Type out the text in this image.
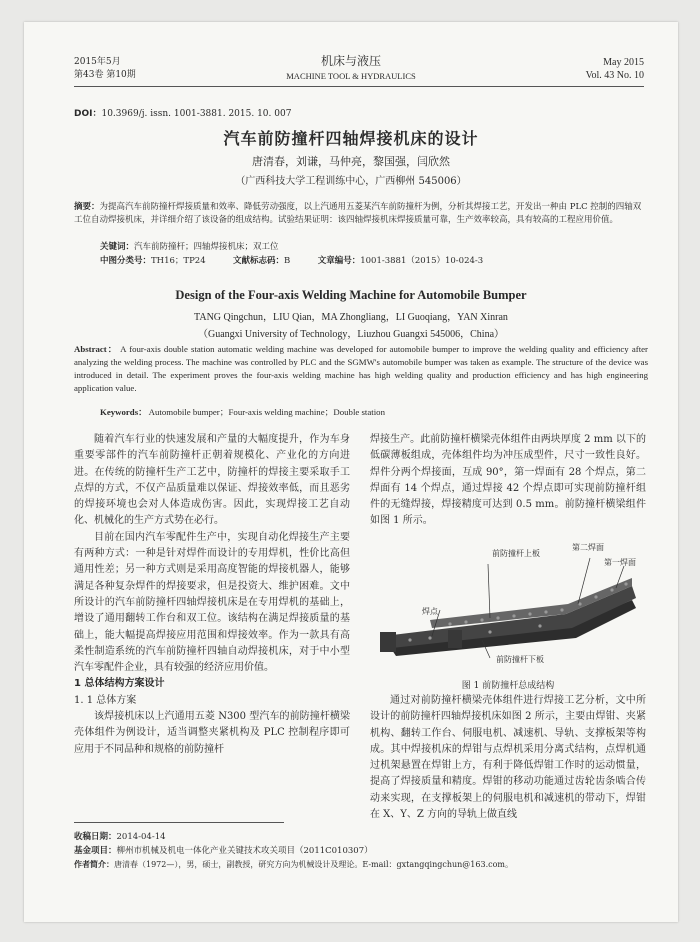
2015年5月
第43卷 第10期
机床与液压
MACHINE TOOL & HYDRAULICS
May 2015
Vol. 43 No. 10
DOI：10.3969/j. issn. 1001-3881. 2015. 10. 007
汽车前防撞杆四轴焊接机床的设计
唐清春，刘谦，马仲亮，黎国强，闫欣然
（广西科技大学工程训练中心，广西柳州 545006）
摘要：为提高汽车前防撞杆焊接质量和效率、降低劳动强度，以上汽通用五菱某汽车前防撞杆为例，分析其焊接工艺，开发出一种由 PLC 控制的四轴双工位自动焊接机床，并详细介绍了该设备的组成结构。试验结果证明：该四轴焊接机床焊接质量可靠，生产效率较高，具有较高的工程应用价值。
关键词：汽车前防撞杆；四轴焊接机床；双工位
中图分类号：TH16；TP24	文献标志码：B	文章编号：1001-3881（2015）10-024-3
Design of the Four-axis Welding Machine for Automobile Bumper
TANG Qingchun，LIU Qian，MA Zhongliang，LI Guoqiang，YAN Xinran
（Guangxi University of Technology，Liuzhou Guangxi 545006，China）
Abstract： A four-axis double station automatic welding machine was developed for automobile bumper to improve the welding quality and efficiency after analyzing the welding process. The machine was controlled by PLC and the SGMW's automobile bumper was taken as example. The structure of the device was introduced in detail. The experiment proves the four-axis welding machine has high welding quality and production efficiency and has high engineering application value.
Keywords： Automobile bumper；Four-axis welding machine；Double station

随着汽车行业的快速发展和产量的大幅度提升，作为车身重要零部件的汽车前防撞杆正朝着规模化、产业化的方向进进。在传统的防撞杆生产工艺中，防撞杆的焊接主要采取手工点焊的方式，不仅产品质量难以保证、焊接效率低，而且恶劣的焊接环境也会对人体造成伤害。因此，实现焊接工艺自动化、机械化的生产方式势在必行。

目前在国内汽车零配件生产中，实现自动化焊接生产主要有两种方式：一种是针对焊件而设计的专用焊机，性价比高但通用性差；另一种方式则是采用高度智能的焊接机器人，能够满足各种复杂焊件的焊接要求，但是投资大、维护困难。文中所设计的汽车前防撞杆四轴焊接机床是在专用焊机的基础上，增设了通用翻转工作台和双工位。该结构在满足焊接质量的基础上，能大幅提高焊接应用范围和焊接效率。作为一款具有高柔性制造系统的汽车前防撞杆四轴自动焊接机床，对于中小型汽车零配件企业，具有较强的经济应用价值。

1 总体结构方案设计
1. 1 总体方案

该焊接机床以上汽通用五菱 N300 型汽车的前防撞杆横梁壳体组件为例设计，适当调整夹紧机构及 PLC 控制程序即可应用于不同品种和规格的前防撞杆

焊接生产。此前防撞杆横梁壳体组件由两块厚度 2 mm 以下的低碳薄板组成，壳体组件均为冲压成型件，尺寸一致性良好。焊件分两个焊接面，互成 90°，第一焊面有 28 个焊点，第二焊面有 14 个焊点，通过焊接 42 个焊点即可实现前防撞杆组件的无缝焊接，焊接精度可达到 0.5 mm。前防撞杆横梁组件如图 1 所示。

前防撞杆上板
第二焊面
第一焊面
焊点
前防撞杆下板
图 1 前防撞杆总成结构

通过对前防撞杆横梁壳体组件进行焊接工艺分析，文中所设计的前防撞杆四轴焊接机床如图 2 所示，主要由焊钳、夹紧机构、翻转工作台、伺服电机、减速机、导轨、支撑板架等构成。其中焊接机床的焊钳与点焊机采用分离式结构，点焊机通过机架悬置在焊钳上方，有利于降低焊钳工作时的运动惯量，提高了焊接质量和精度。焊钳的移动功能通过齿轮齿条啮合传动来实现，在支撑板架上的伺服电机和减速机的带动下，焊钳在 X、Y、Z 方向的导轨上做直线

收稿日期：2014-04-14
基金项目：柳州市机械及机电一体化产业关键技术攻关项目（2011C010307）
作者简介：唐清春（1972—），男，硕士，副教授，研究方向为机械设计及理论。E-mail：gxtangqingchun@163.com。
